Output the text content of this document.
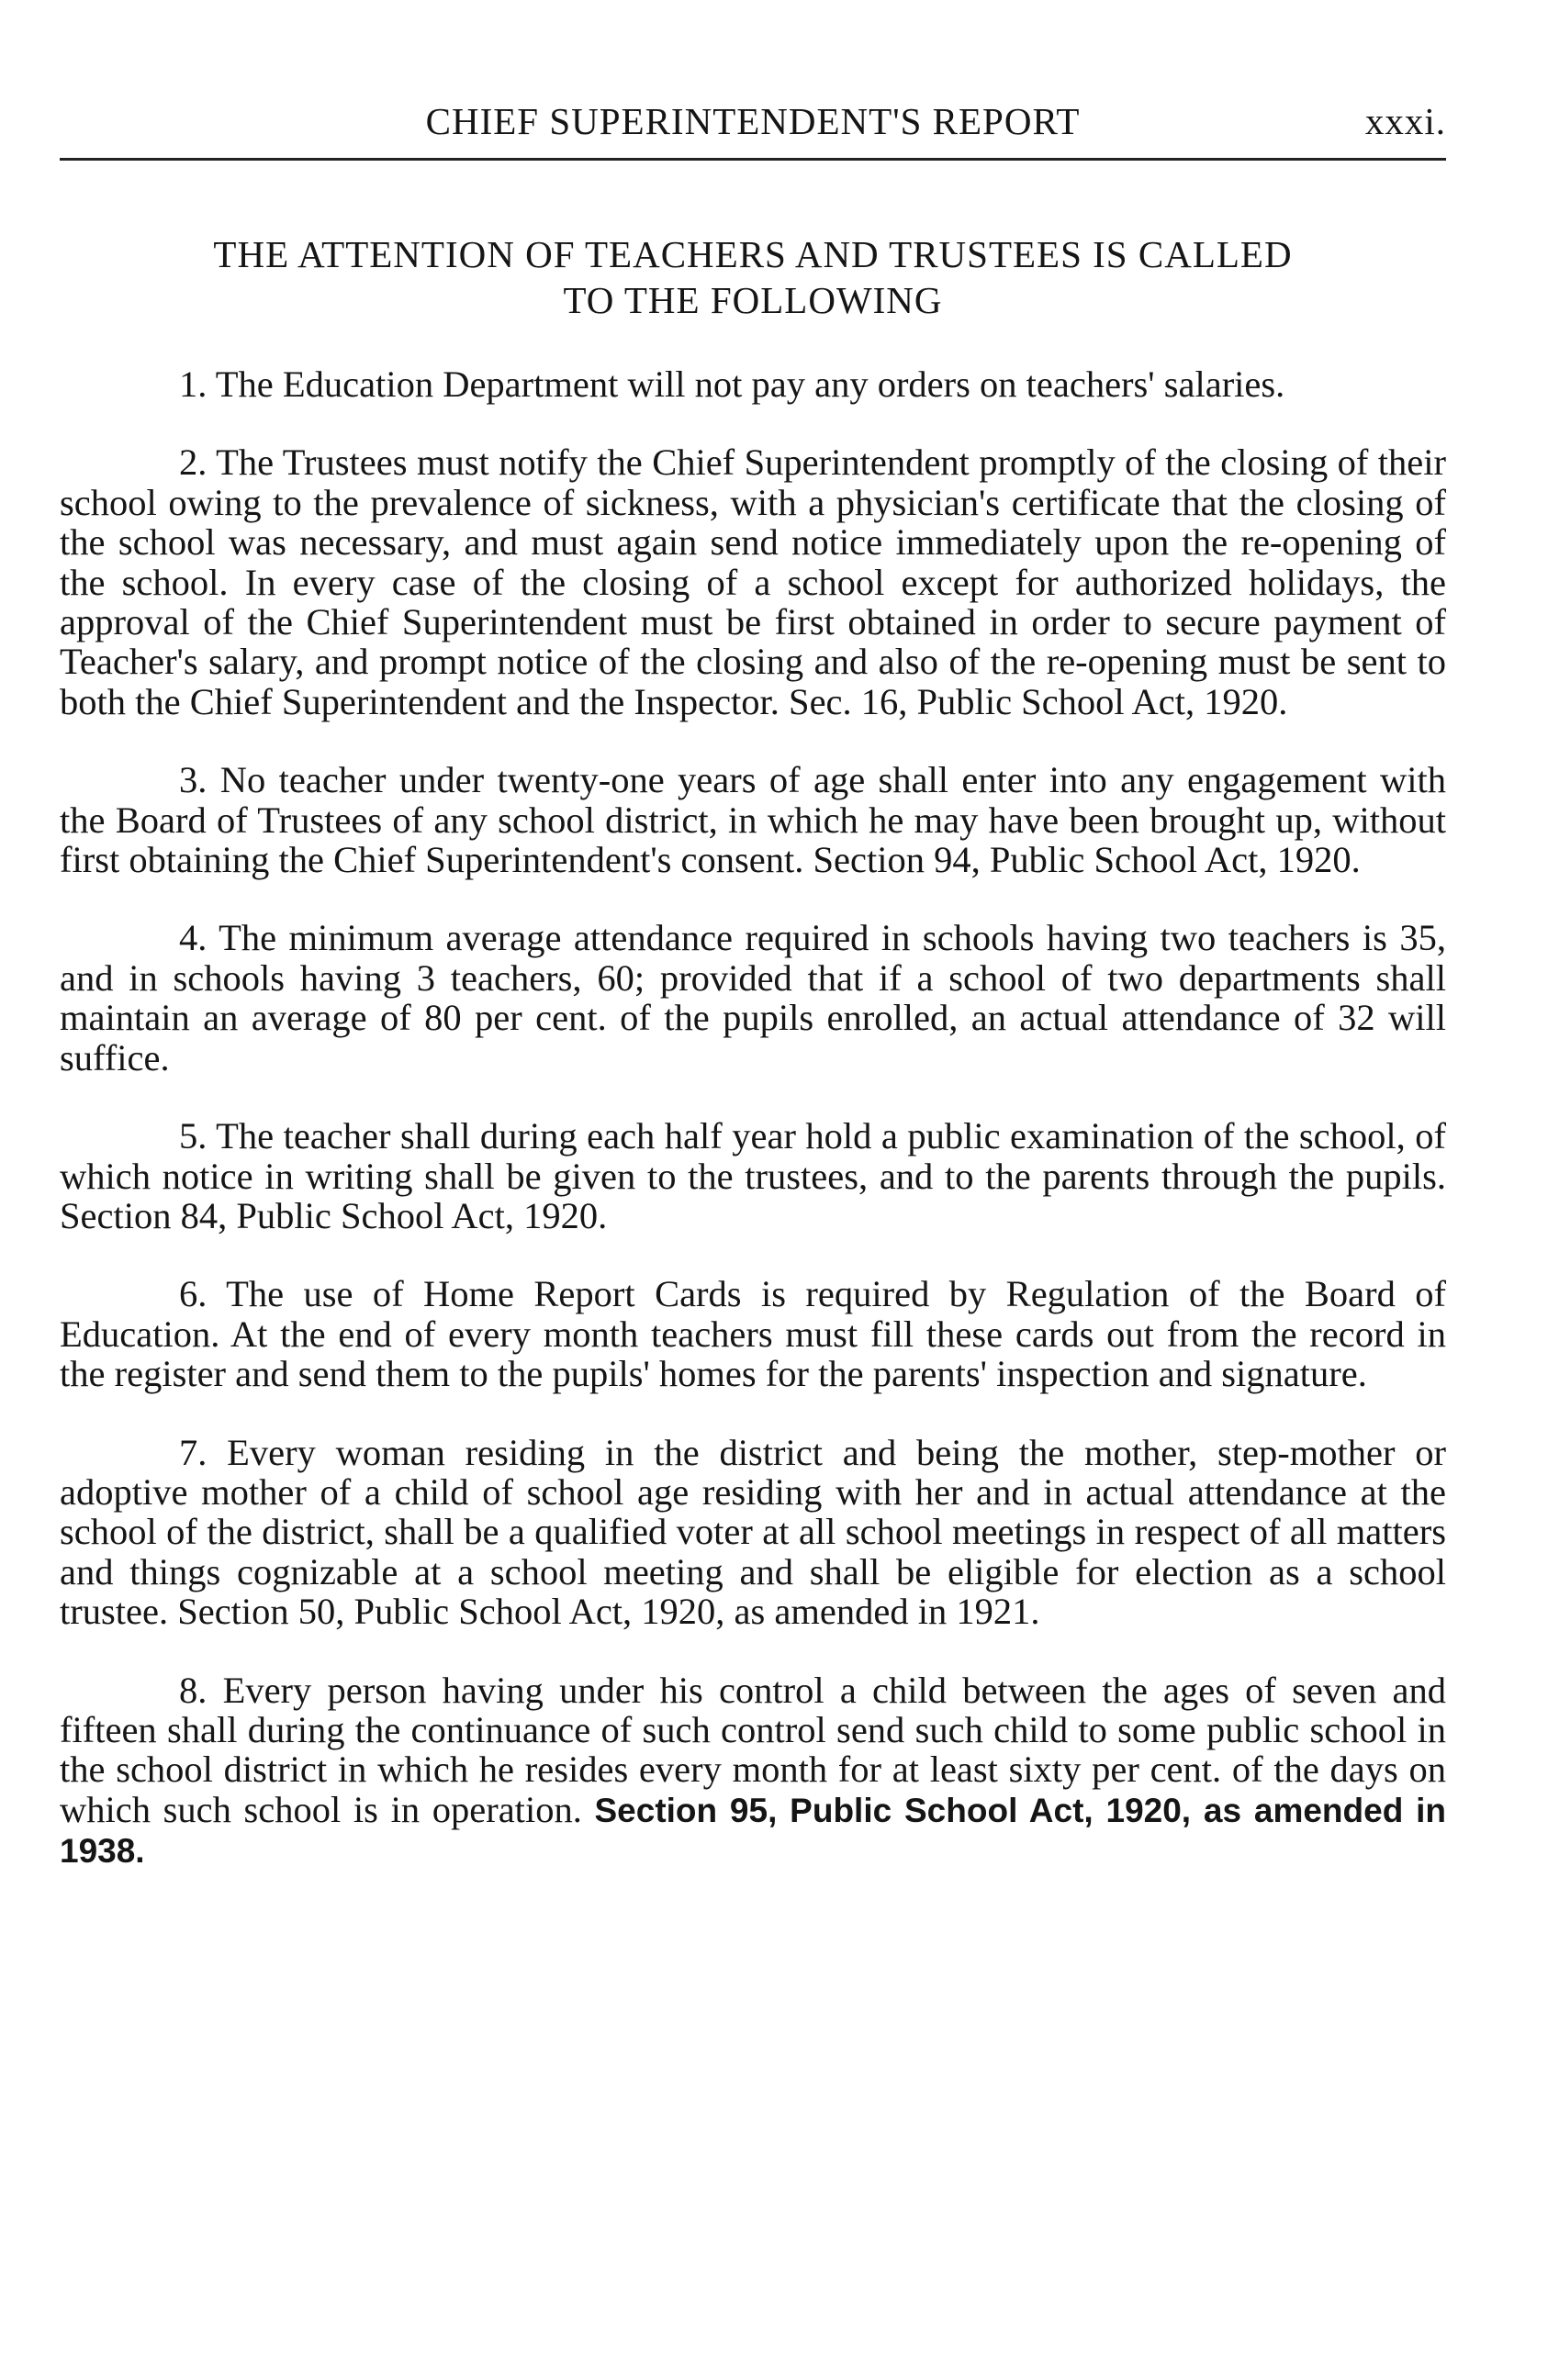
CHIEF SUPERINTENDENT'S REPORT	xxxi.
THE ATTENTION OF TEACHERS AND TRUSTEES IS CALLED
TO THE FOLLOWING

1. The Education Department will not pay any orders on teachers' salaries.

2. The Trustees must notify the Chief Superintendent promptly of the closing of their school owing to the prevalence of sickness, with a physician's certificate that the closing of the school was necessary, and must again send notice immediately upon the re-opening of the school. In every case of the closing of a school except for authorized holidays, the approval of the Chief Superintendent must be first obtained in order to secure payment of Teacher's salary, and prompt notice of the closing and also of the re-opening must be sent to both the Chief Superintendent and the Inspector. Sec. 16, Public School Act, 1920.

3. No teacher under twenty-one years of age shall enter into any engagement with the Board of Trustees of any school district, in which he may have been brought up, without first obtaining the Chief Superintendent's consent. Section 94, Public School Act, 1920.

4. The minimum average attendance required in schools having two teachers is 35, and in schools having 3 teachers, 60; provided that if a school of two departments shall maintain an average of 80 per cent. of the pupils enrolled, an actual attendance of 32 will suffice.

5. The teacher shall during each half year hold a public examination of the school, of which notice in writing shall be given to the trustees, and to the parents through the pupils. Section 84, Public School Act, 1920.

6. The use of Home Report Cards is required by Regulation of the Board of Education. At the end of every month teachers must fill these cards out from the record in the register and send them to the pupils' homes for the parents' inspection and signature.

7. Every woman residing in the district and being the mother, step-mother or adoptive mother of a child of school age residing with her and in actual attendance at the school of the district, shall be a qualified voter at all school meetings in respect of all matters and things cognizable at a school meeting and shall be eligible for election as a school trustee. Section 50, Public School Act, 1920, as amended in 1921.

8. Every person having under his control a child between the ages of seven and fifteen shall during the continuance of such control send such child to some public school in the school district in which he resides every month for at least sixty per cent. of the days on which such school is in operation. Section 95, Public School Act, 1920, as amended in 1938.
